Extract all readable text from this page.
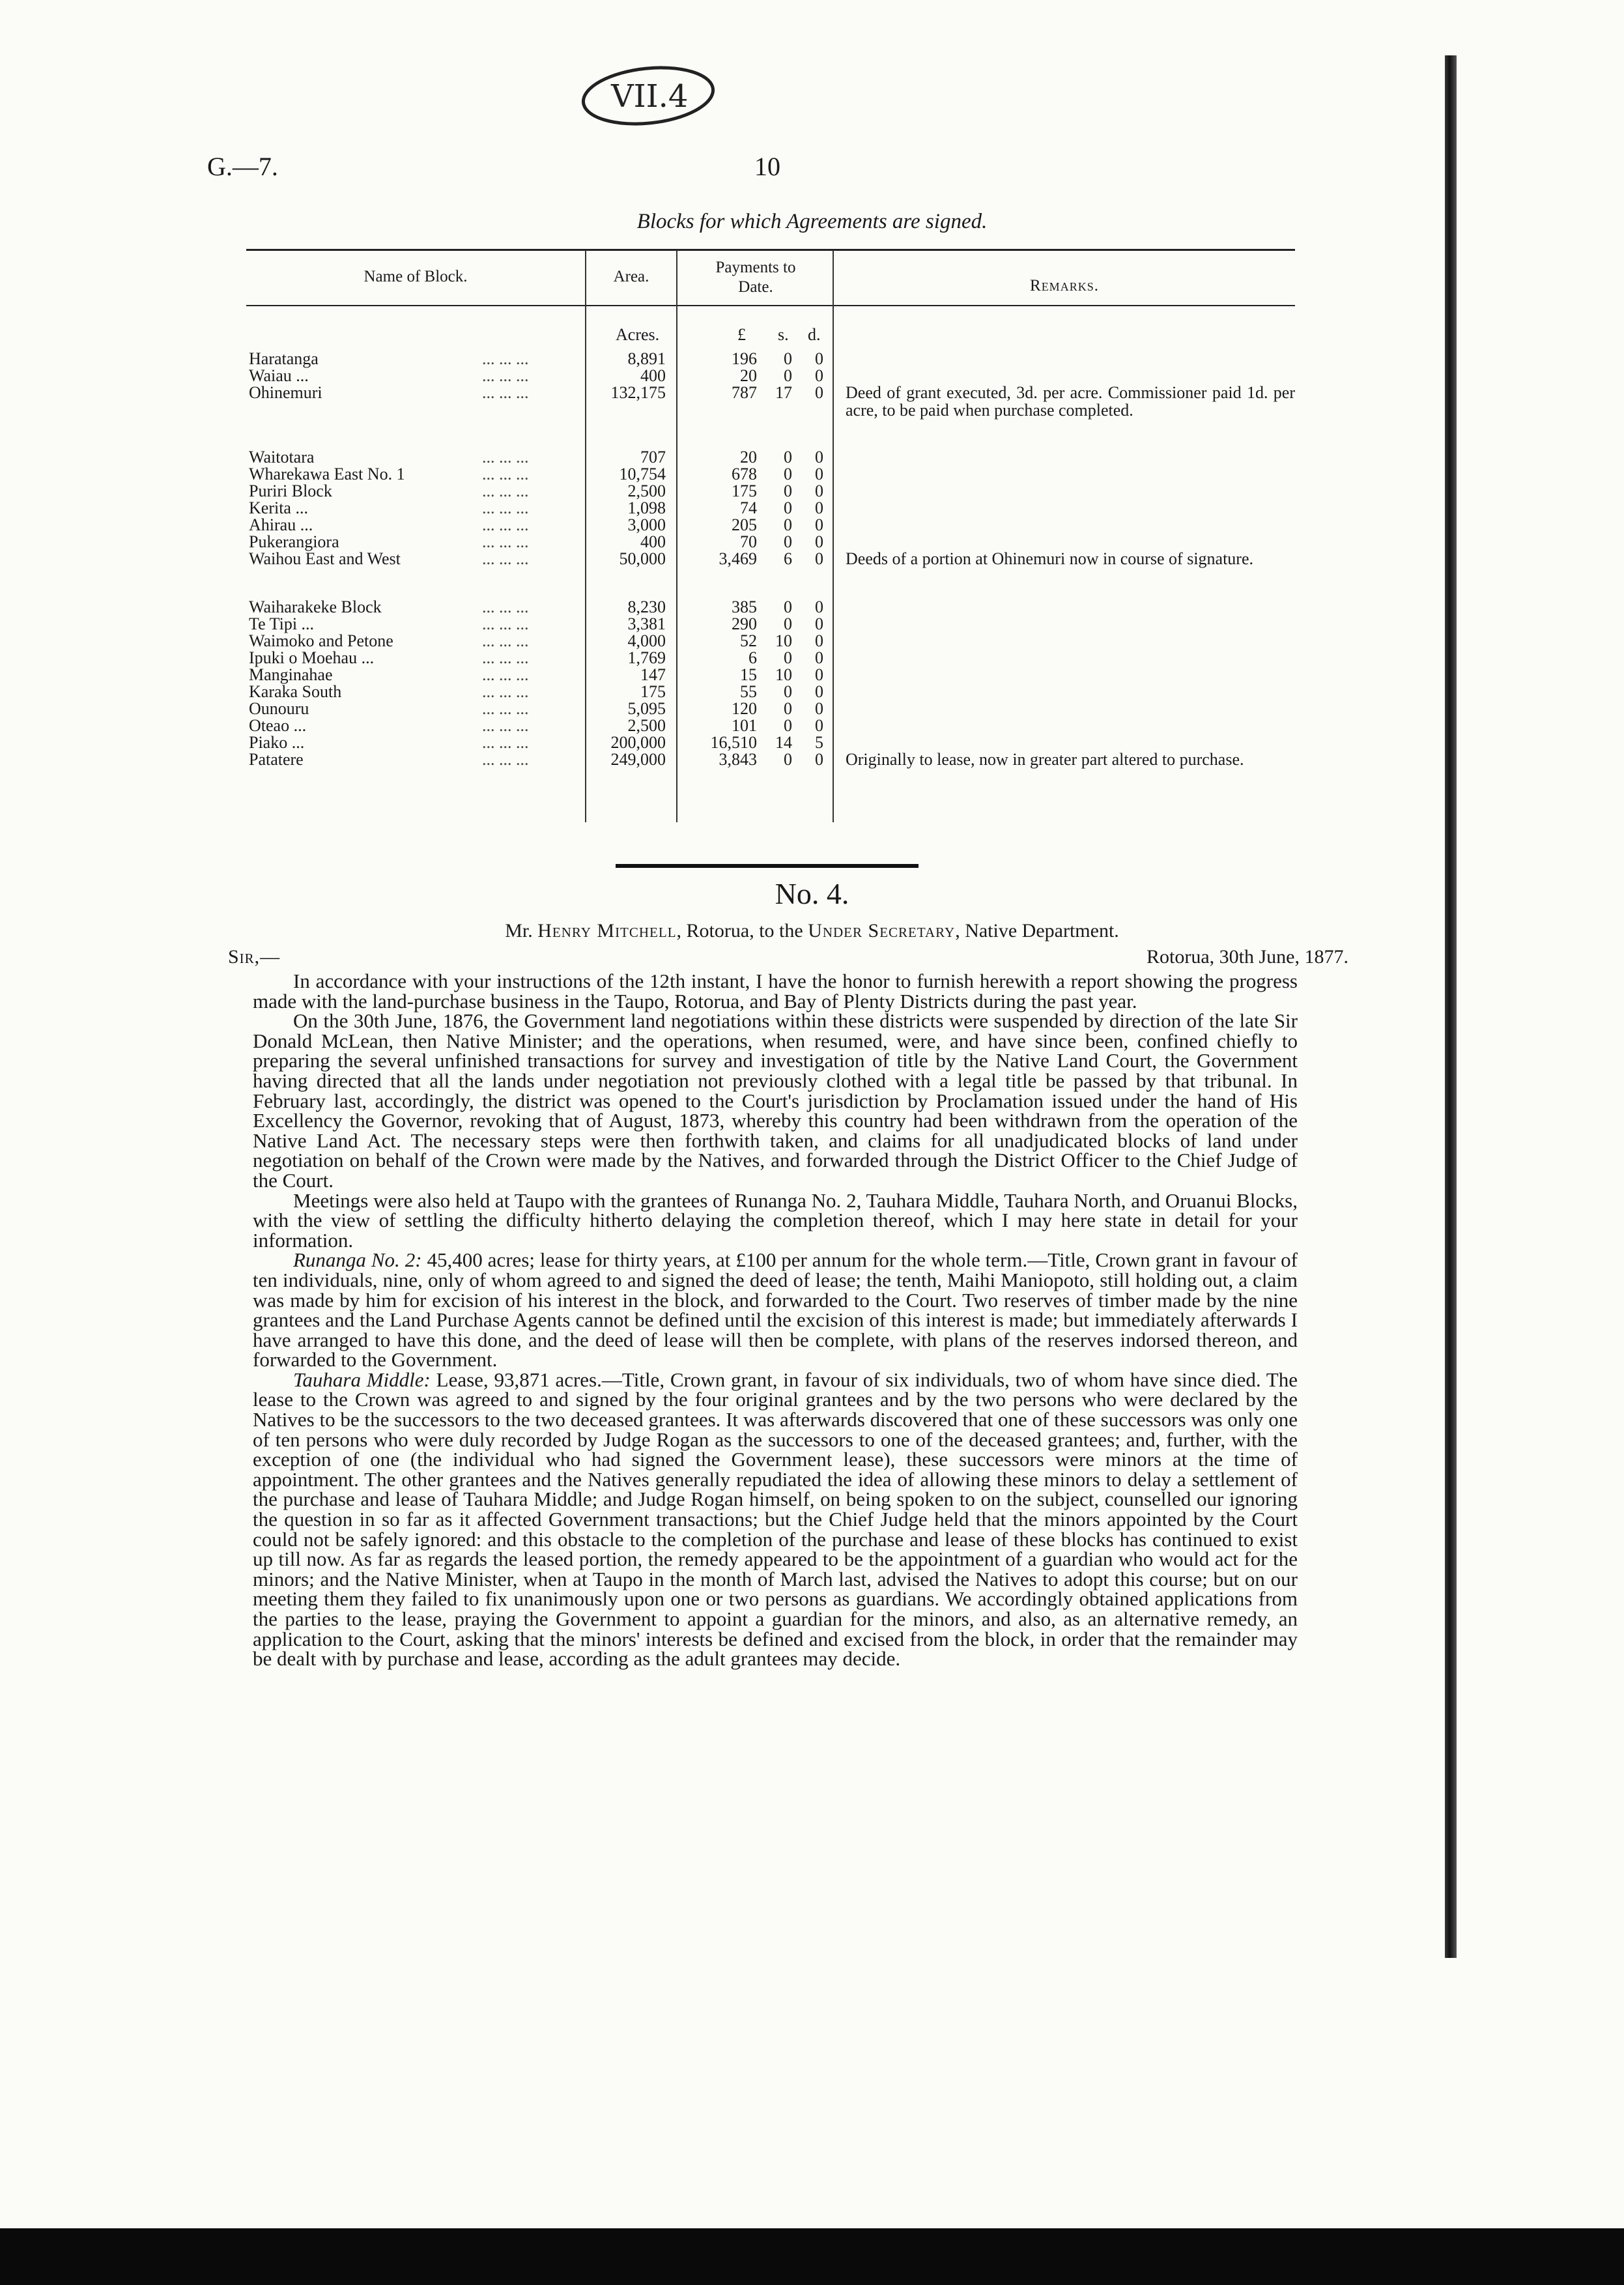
G.—7.	10
VII.4
Blocks for which Agreements are signed.
Name of Block.	Area.
Payments to Date.	Remarks.
Acres.	£ s. d.
Haratanga	... ... ...	8,891	196	0	0
Waiau ...	... ... ...	400	20	0	0
Ohinemuri	... ... ...	132,175	787	17	0 Deed of grant executed, 3d. per acre. Commissioner paid 1d. per acre, to be paid when purchase completed.
Waitotara	... ... ...	707	20	0	0
Wharekawa East No. 1	... ... ...	10,754	678	0	0
Puriri Block	... ... ...	2,500	175	0	0
Kerita ...	... ... ...	1,098	74	0	0
Ahirau ...	... ... ...	3,000	205	0	0
Pukerangiora	... ... ...	400	70	0	0
Waihou East and West	... ... ...	50,000	3,469	6	0 Deeds of a portion at Ohinemuri now in course of signature.
Waiharakeke Block	... ... ...	8,230	385	0	0
Te Tipi ...	... ... ...	3,381	290	0	0
Waimoko and Petone	... ... ...	4,000	52	10	0
Ipuki o Moehau ...	... ... ...	1,769	6	0	0
Manginahae	... ... ...	147	15	10	0
Karaka South	... ... ...	175	55	0	0
Ounouru	... ... ...	5,095	120	0	0
Oteao ...	... ... ...	2,500	101	0	0
Piako ...	... ... ...	200,000	16,510	14	5
Patatere	... ... ...	249,000	3,843	0	0 Originally to lease, now in greater part altered to purchase.
No. 4.
Mr. Henry Mitchell, Rotorua, to the Under Secretary, Native Department.
Sir,—	Rotorua, 30th June, 1877.

In accordance with your instructions of the 12th instant, I have the honor to furnish herewith a report showing the progress made with the land-purchase business in the Taupo, Rotorua, and Bay of Plenty Districts during the past year.

On the 30th June, 1876, the Government land negotiations within these districts were suspended by direction of the late Sir Donald McLean, then Native Minister; and the operations, when resumed, were, and have since been, confined chiefly to preparing the several unfinished transactions for survey and investigation of title by the Native Land Court, the Government having directed that all the lands under negotiation not previously clothed with a legal title be passed by that tribunal. In February last, accordingly, the district was opened to the Court's jurisdiction by Proclamation issued under the hand of His Excellency the Governor, revoking that of August, 1873, whereby this country had been withdrawn from the operation of the Native Land Act. The necessary steps were then forthwith taken, and claims for all unadjudicated blocks of land under negotiation on behalf of the Crown were made by the Natives, and forwarded through the District Officer to the Chief Judge of the Court.

Meetings were also held at Taupo with the grantees of Runanga No. 2, Tauhara Middle, Tauhara North, and Oruanui Blocks, with the view of settling the difficulty hitherto delaying the completion thereof, which I may here state in detail for your information.

Runanga No. 2: 45,400 acres; lease for thirty years, at £100 per annum for the whole term.—Title, Crown grant in favour of ten individuals, nine, only of whom agreed to and signed the deed of lease; the tenth, Maihi Maniopoto, still holding out, a claim was made by him for excision of his interest in the block, and forwarded to the Court. Two reserves of timber made by the nine grantees and the Land Purchase Agents cannot be defined until the excision of this interest is made; but immediately afterwards I have arranged to have this done, and the deed of lease will then be complete, with plans of the reserves indorsed thereon, and forwarded to the Government.

Tauhara Middle: Lease, 93,871 acres.—Title, Crown grant, in favour of six individuals, two of whom have since died. The lease to the Crown was agreed to and signed by the four original grantees and by the two persons who were declared by the Natives to be the successors to the two deceased grantees. It was afterwards discovered that one of these successors was only one of ten persons who were duly recorded by Judge Rogan as the successors to one of the deceased grantees; and, further, with the exception of one (the individual who had signed the Government lease), these successors were minors at the time of appointment. The other grantees and the Natives generally repudiated the idea of allowing these minors to delay a settlement of the purchase and lease of Tauhara Middle; and Judge Rogan himself, on being spoken to on the subject, counselled our ignoring the question in so far as it affected Government transactions; but the Chief Judge held that the minors appointed by the Court could not be safely ignored: and this obstacle to the completion of the purchase and lease of these blocks has continued to exist up till now. As far as regards the leased portion, the remedy appeared to be the appointment of a guardian who would act for the minors; and the Native Minister, when at Taupo in the month of March last, advised the Natives to adopt this course; but on our meeting them they failed to fix unanimously upon one or two persons as guardians. We accordingly obtained applications from the parties to the lease, praying the Government to appoint a guardian for the minors, and also, as an alternative remedy, an application to the Court, asking that the minors' interests be defined and excised from the block, in order that the remainder may be dealt with by purchase and lease, according as the adult grantees may decide.
